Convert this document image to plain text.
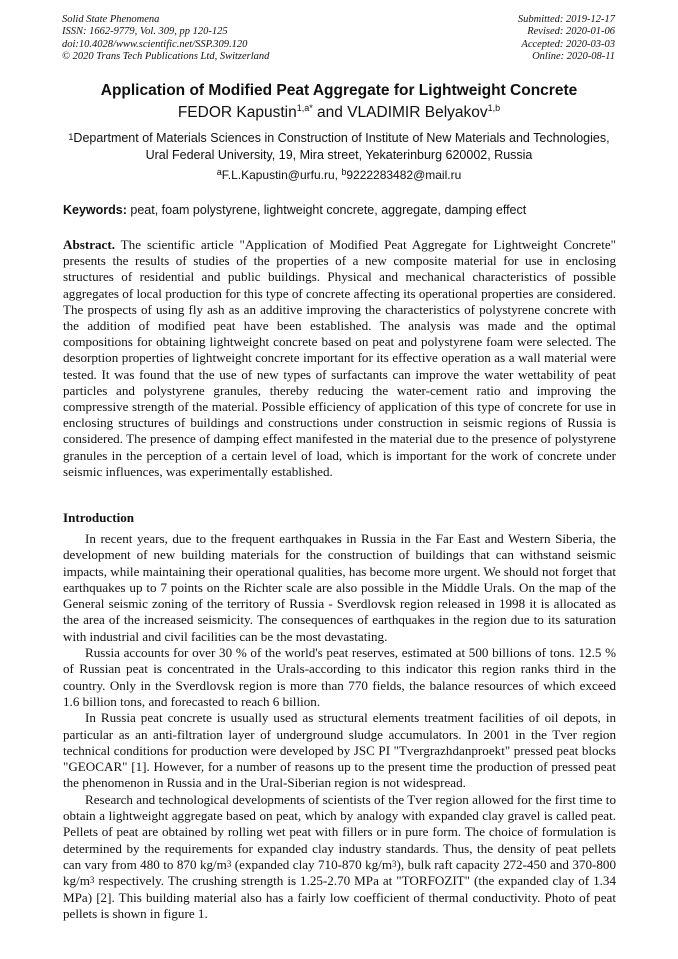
Solid State Phenomena
ISSN: 1662-9779, Vol. 309, pp 120-125
doi:10.4028/www.scientific.net/SSP.309.120
© 2020 Trans Tech Publications Ltd, Switzerland
Submitted: 2019-12-17
Revised: 2020-01-06
Accepted: 2020-03-03
Online: 2020-08-11
Application of Modified Peat Aggregate for Lightweight Concrete
FEDOR Kapustin$^{1,a*}$ and VLADIMIR Belyakov$^{1,b}$
$^1$Department of Materials Sciences in Construction of Institute of New Materials and Technologies,
Ural Federal University, 19, Mira street, Yekaterinburg 620002, Russia
$^a$F.L.Kapustin@urfu.ru, $^b$9222283482@mail.ru
Keywords: peat, foam polystyrene, lightweight concrete, aggregate, damping effect
Abstract. The scientific article "Application of Modified Peat Aggregate for Lightweight Concrete" presents the results of studies of the properties of a new composite material for use in enclosing structures of residential and public buildings. Physical and mechanical characteristics of possible aggregates of local production for this type of concrete affecting its operational properties are considered. The prospects of using fly ash as an additive improving the characteristics of polystyrene concrete with the addition of modified peat have been established. The analysis was made and the optimal compositions for obtaining lightweight concrete based on peat and polystyrene foam were selected. The desorption properties of lightweight concrete important for its effective operation as a wall material were tested. It was found that the use of new types of surfactants can improve the water wettability of peat particles and polystyrene granules, thereby reducing the water-cement ratio and improving the compressive strength of the material. Possible efficiency of application of this type of concrete for use in enclosing structures of buildings and constructions under construction in seismic regions of Russia is considered. The presence of damping effect manifested in the material due to the presence of polystyrene granules in the perception of a certain level of load, which is important for the work of concrete under seismic influences, was experimentally established.
Introduction

In recent years, due to the frequent earthquakes in Russia in the Far East and Western Siberia, the development of new building materials for the construction of buildings that can withstand seismic impacts, while maintaining their operational qualities, has become more urgent. We should not forget that earthquakes up to 7 points on the Richter scale are also possible in the Middle Urals. On the map of the General seismic zoning of the territory of Russia - Sverdlovsk region released in 1998 it is allocated as the area of the increased seismicity. The consequences of earthquakes in the region due to its saturation with industrial and civil facilities can be the most devastating.

Russia accounts for over 30 % of the world's peat reserves, estimated at 500 billions of tons. 12.5 % of Russian peat is concentrated in the Urals-according to this indicator this region ranks third in the country. Only in the Sverdlovsk region is more than 770 fields, the balance resources of which exceed 1.6 billion tons, and forecasted to reach 6 billion.

In Russia peat concrete is usually used as structural elements treatment facilities of oil depots, in particular as an anti-filtration layer of underground sludge accumulators. In 2001 in the Tver region technical conditions for production were developed by JSC PI "Tvergrazhdanproekt" pressed peat blocks "GEOCAR" [1]. However, for a number of reasons up to the present time the production of pressed peat the phenomenon in Russia and in the Ural-Siberian region is not widespread.

Research and technological developments of scientists of the Tver region allowed for the first time to obtain a lightweight aggregate based on peat, which by analogy with expanded clay gravel is called peat. Pellets of peat are obtained by rolling wet peat with fillers or in pure form. The choice of formulation is determined by the requirements for expanded clay industry standards. Thus, the density of peat pellets can vary from 480 to 870 $kg/m^3$ (expanded clay 710-870 $kg/m^3$), bulk raft capacity 272-450 and 370-800 $kg/m^3$ respectively. The crushing strength is 1.25-2.70 MPa at "TORFOZIT" (the expanded clay of 1.34 MPa) [2]. This building material also has a fairly low coefficient of thermal conductivity. Photo of peat pellets is shown in figure 1.
